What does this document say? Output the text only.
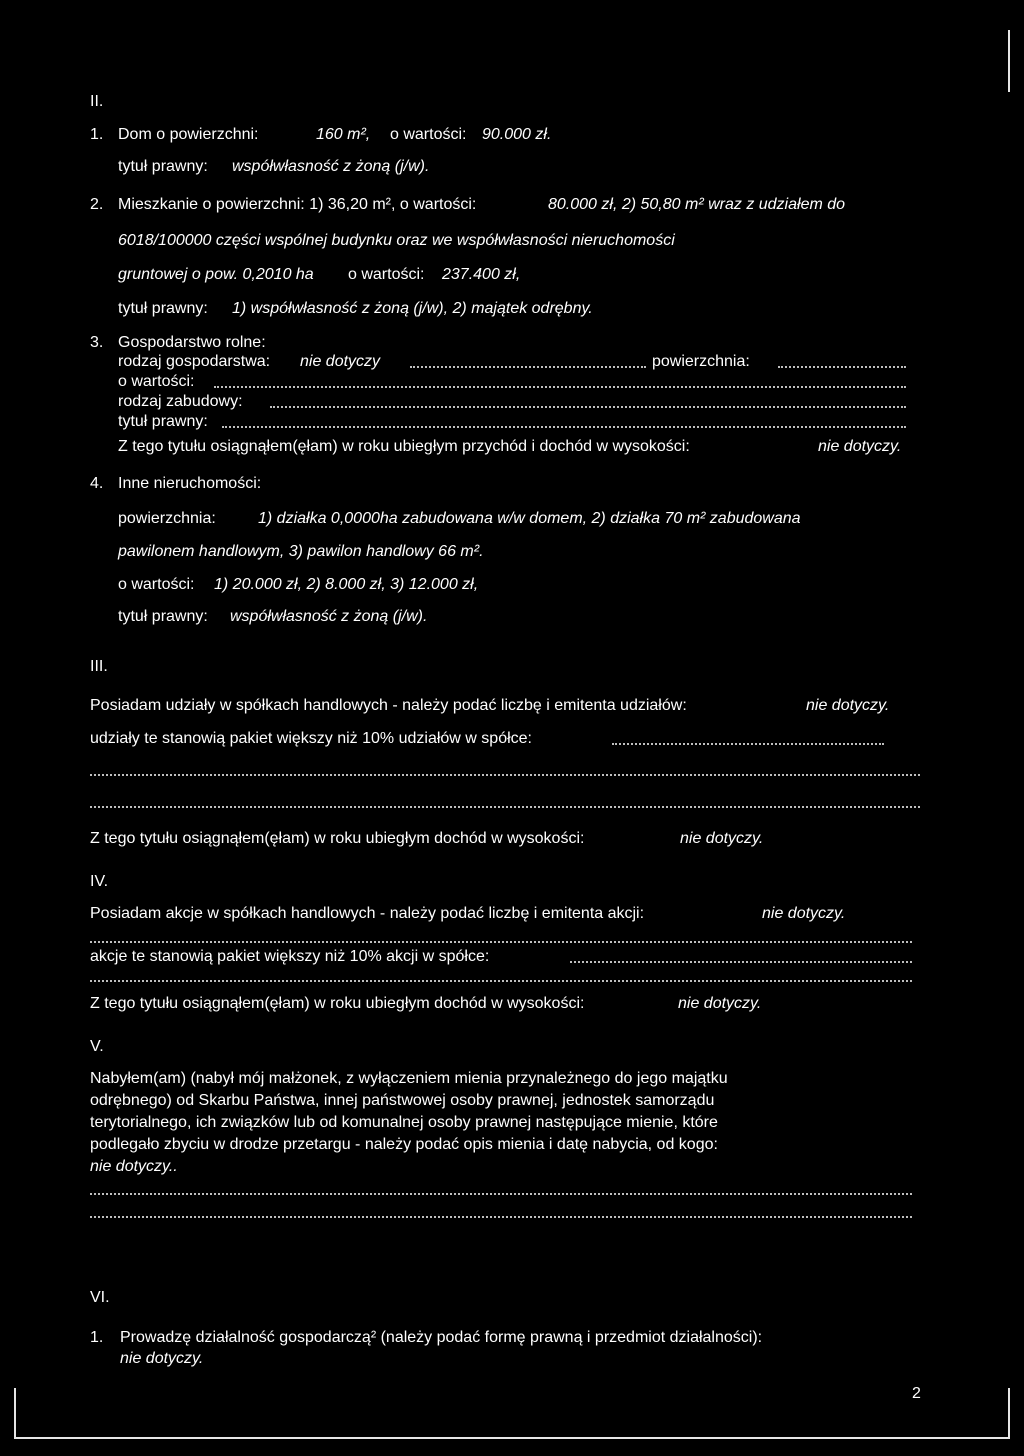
II.
1. Dom o powierzchni:	160 m², o wartości: 90.000 zł.
tytuł prawny: współwłasność z żoną (j/w).
2. Mieszkanie o powierzchni: 1) 36,20 m², o wartości:	80.000 zł, 2) 50,80 m² wraz z udziałem do
6018/100000 części wspólnej budynku oraz we współwłasności nieruchomości
gruntowej o pow. 0,2010 ha o wartości: 237.400 zł,
tytuł prawny: 1) współwłasność z żoną (j/w), 2) majątek odrębny.
3. Gospodarstwo rolne:
rodzaj gospodarstwa: nie dotyczy	powierzchnia:
o wartości:
rodzaj zabudowy:
tytuł prawny:
Z tego tytułu osiągnąłem(ęłam) w roku ubiegłym przychód i dochód w wysokości:	nie dotyczy.
4. Inne nieruchomości:
powierzchnia:	1) działka 0,0000ha zabudowana w/w domem, 2) działka 70 m² zabudowana
pawilonem handlowym, 3) pawilon handlowy 66 m².
o wartości: 1) 20.000 zł, 2) 8.000 zł, 3) 12.000 zł,
tytuł prawny: współwłasność z żoną (j/w).
III.
Posiadam udziały w spółkach handlowych - należy podać liczbę i emitenta udziałów:	nie dotyczy.
udziały te stanowią pakiet większy niż 10% udziałów w spółce:
Z tego tytułu osiągnąłem(ęłam) w roku ubiegłym dochód w wysokości:	nie dotyczy.
IV.
Posiadam akcje w spółkach handlowych - należy podać liczbę i emitenta akcji:	nie dotyczy.
akcje te stanowią pakiet większy niż 10% akcji w spółce:
Z tego tytułu osiągnąłem(ęłam) w roku ubiegłym dochód w wysokości:	nie dotyczy.
V.
Nabyłem(am) (nabył mój małżonek, z wyłączeniem mienia przynależnego do jego majątku
odrębnego) od Skarbu Państwa, innej państwowej osoby prawnej, jednostek samorządu
terytorialnego, ich związków lub od komunalnej osoby prawnej następujące mienie, które
podlegało zbyciu w drodze przetargu - należy podać opis mienia i datę nabycia, od kogo:
nie dotyczy..
VI.
1. Prowadzę działalność gospodarczą² (należy podać formę prawną i przedmiot działalności):
nie dotyczy.
2
